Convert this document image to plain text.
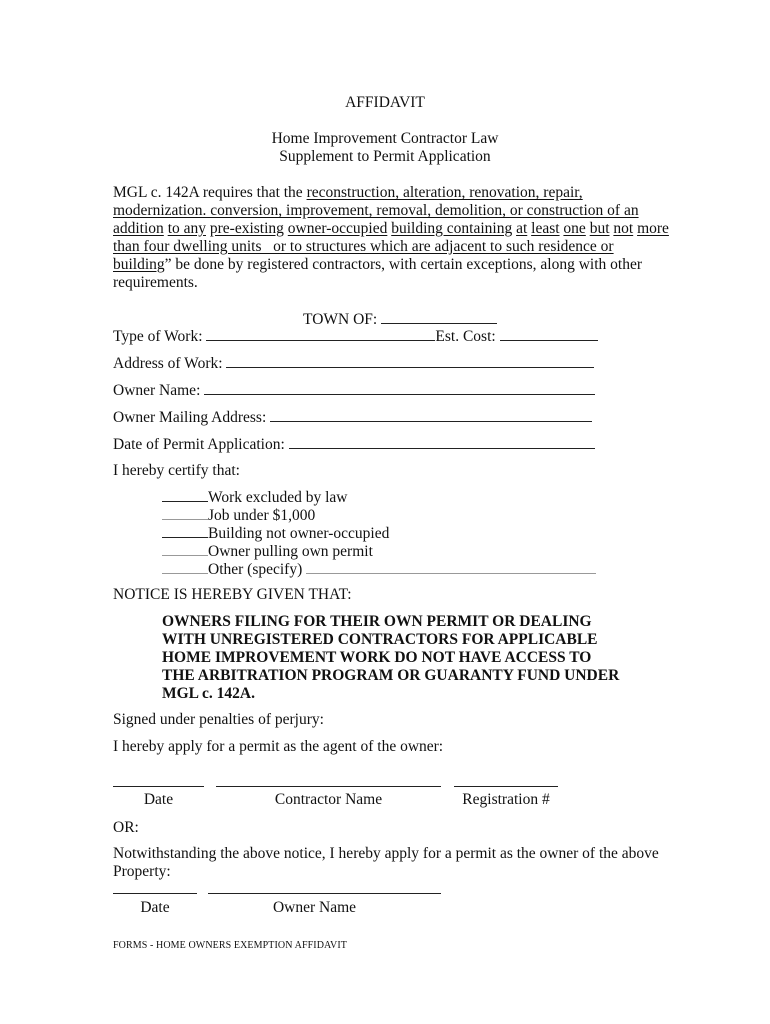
AFFIDAVIT
Home Improvement Contractor Law
Supplement to Permit Application
MGL c. 142A requires that the reconstruction, alteration, renovation, repair,
modernization. conversion, improvement, removal, demolition, or construction of an
addition to any pre-existing owner-occupied building containing at least one but not more
than four dwelling units   or to structures which are adjacent to such residence or
building” be done by registered contractors, with certain exceptions, along with other
requirements.
TOWN OF:
Type of Work:	Est. Cost:
Address of Work:
Owner Name:
Owner Mailing Address:
Date of Permit Application:
I hereby certify that:
Work excluded by law
Job under $1,000
Building not owner-occupied
Owner pulling own permit
Other (specify)
NOTICE IS HEREBY GIVEN THAT:
OWNERS FILING FOR THEIR OWN PERMIT OR DEALING
WITH UNREGISTERED CONTRACTORS FOR APPLICABLE
HOME IMPROVEMENT WORK DO NOT HAVE ACCESS TO
THE ARBITRATION PROGRAM OR GUARANTY FUND UNDER
MGL c. 142A.
Signed under penalties of perjury:
I hereby apply for a permit as the agent of the owner:
Date	Contractor Name	Registration #
OR:
Notwithstanding the above notice, I hereby apply for a permit as the owner of the above
Property:
Date	Owner Name
FORMS - HOME OWNERS EXEMPTION AFFIDAVIT
